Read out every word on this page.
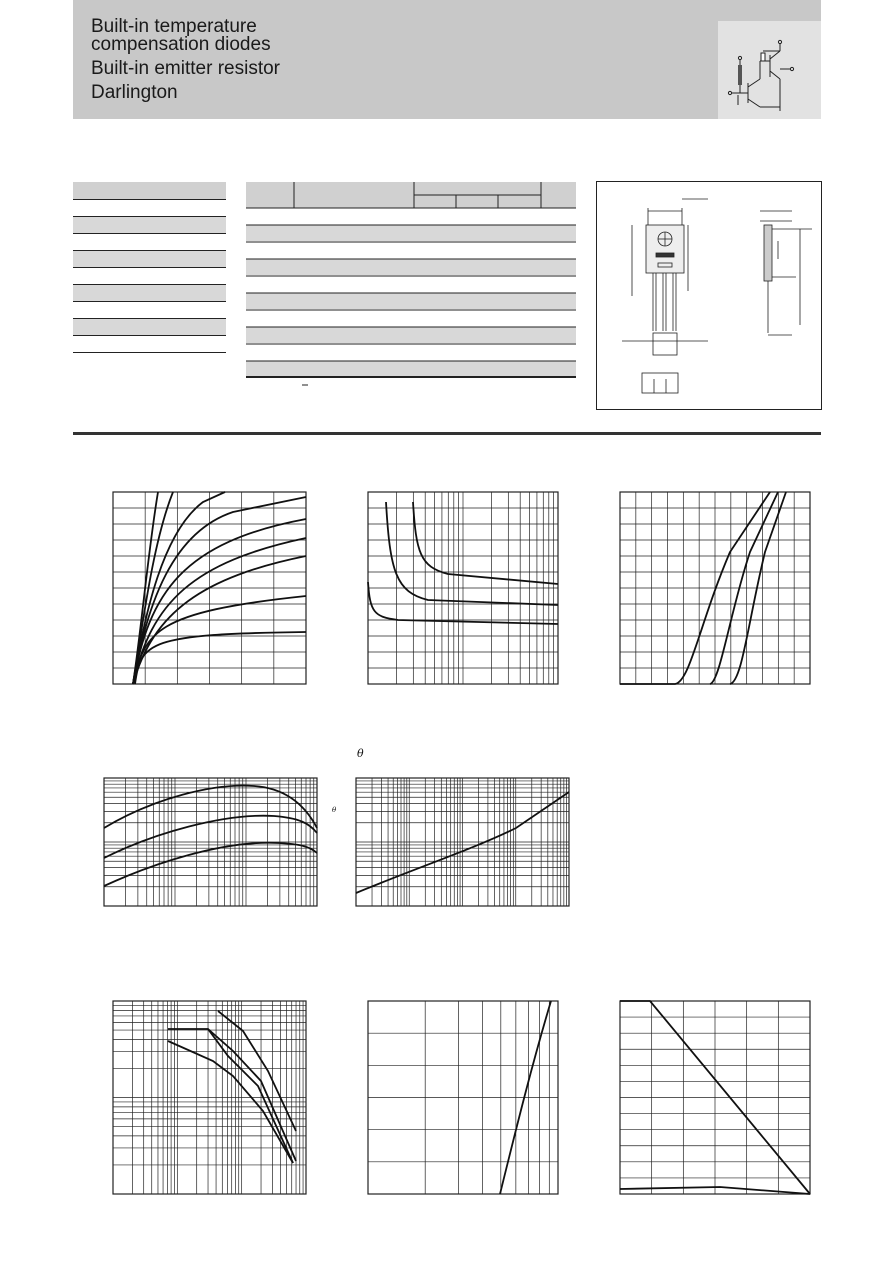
Built-in temperature
compensation diodes
Built-in emitter resistor
Darlington

θ
θ
